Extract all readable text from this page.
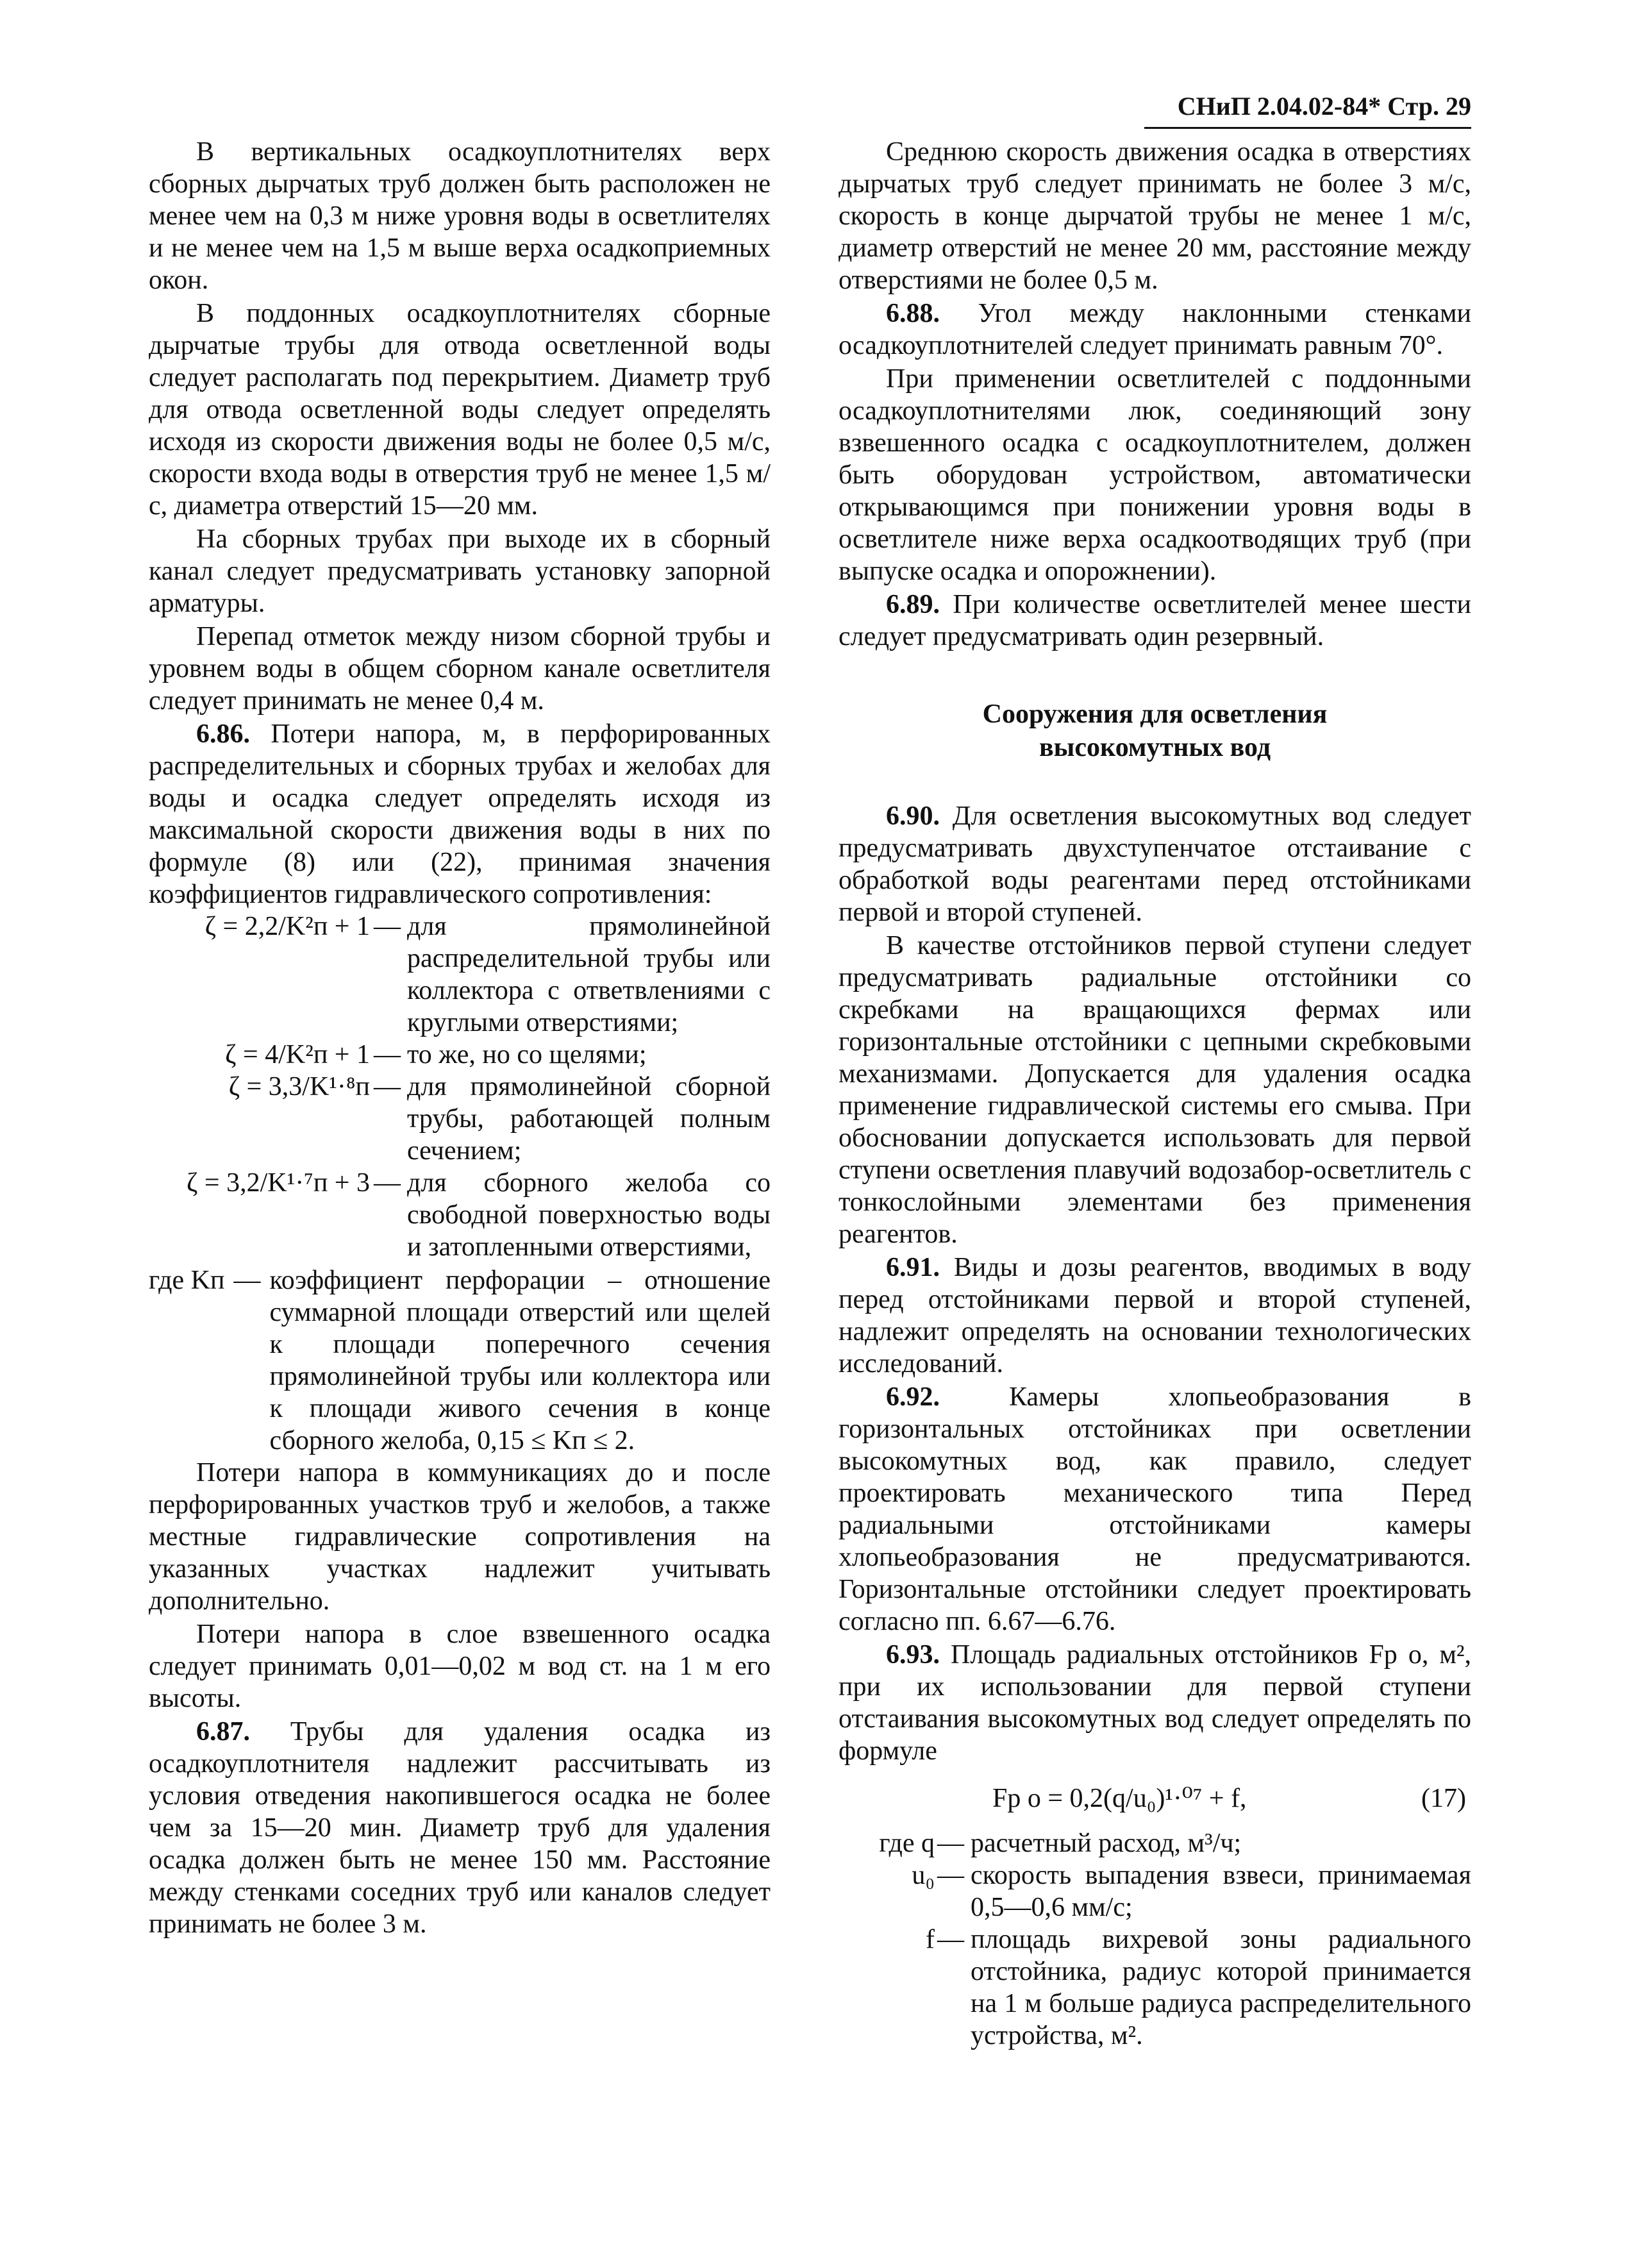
СНиП 2.04.02-84* Стр. 29

В вертикальных осадкоуплотнителях верх сборных дырчатых труб должен быть расположен не менее чем на 0,3 м ниже уровня воды в осветлителях и не менее чем на 1,5 м выше верха осадкоприемных окон.

В поддонных осадкоуплотнителях сборные дырчатые трубы для отвода осветленной воды следует располагать под перекрытием. Диаметр труб для отвода осветленной воды следует определять исходя из скорости движения воды не более 0,5 м/с, скорости входа воды в отверстия труб не менее 1,5 м/с, диаметра отверстий 15—20 мм.

На сборных трубах при выходе их в сборный канал следует предусматривать установку запорной арматуры.

Перепад отметок между низом сборной трубы и уровнем воды в общем сборном канале осветлителя следует принимать не менее 0,4 м.

6.86. Потери напора, м, в перфорированных распределительных и сборных трубах и желобах для воды и осадка следует определять исходя из максимальной скорости движения воды в них по формуле (8) или (22), принимая значения коэффициентов гидравлического сопротивления:

ζ = 2,2/K²п + 1 — для прямолинейной распределительной трубы или коллектора с ответвлениями с круглыми отверстиями;
ζ = 4/K²п + 1 — то же, но со щелями;
ζ = 3,3/K¹·⁸п — для прямолинейной сборной трубы, работающей полным сечением;
ζ = 3,2/K¹·⁷п + 3 — для сборного желоба со свободной поверхностью воды и затопленными отверстиями,
где Kп — коэффициент перфорации – отношение суммарной площади отверстий или щелей к площади поперечного сечения прямолинейной трубы или коллектора или к площади живого сечения в конце сборного желоба, 0,15 ≤ Kп ≤ 2.

Потери напора в коммуникациях до и после перфорированных участков труб и желобов, а также местные гидравлические сопротивления на указанных участках надлежит учитывать дополнительно.

Потери напора в слое взвешенного осадка следует принимать 0,01—0,02 м вод ст. на 1 м его высоты.

6.87. Трубы для удаления осадка из осадкоуплотнителя надлежит рассчитывать из условия отведения накопившегося осадка не более чем за 15—20 мин. Диаметр труб для удаления осадка должен быть не менее 150 мм. Расстояние между стенками соседних труб или каналов следует принимать не более 3 м.

Среднюю скорость движения осадка в отверстиях дырчатых труб следует принимать не более 3 м/с, скорость в конце дырчатой трубы не менее 1 м/с, диаметр отверстий не менее 20 мм, расстояние между отверстиями не более 0,5 м.

6.88. Угол между наклонными стенками осадкоуплотнителей следует принимать равным 70°.

При применении осветлителей с поддонными осадкоуплотнителями люк, соединяющий зону взвешенного осадка с осадкоуплотнителем, должен быть оборудован устройством, автоматически открывающимся при понижении уровня воды в осветлителе ниже верха осадкоотводящих труб (при выпуске осадка и опорожнении).

6.89. При количестве осветлителей менее шести следует предусматривать один резервный.

Сооружения для осветления
высокомутных вод

6.90. Для осветления высокомутных вод следует предусматривать двухступенчатое отстаивание с обработкой воды реагентами перед отстойниками первой и второй ступеней.

В качестве отстойников первой ступени следует предусматривать радиальные отстойники со скребками на вращающихся фермах или горизонтальные отстойники с цепными скребковыми механизмами. Допускается для удаления осадка применение гидравлической системы его смыва. При обосновании допускается использовать для первой ступени осветления плавучий водозабор-осветлитель с тонкослойными элементами без применения реагентов.

6.91. Виды и дозы реагентов, вводимых в воду перед отстойниками первой и второй ступеней, надлежит определять на основании технологических исследований.

6.92.	Камеры хлопьеобразования в горизонтальных отстойниках при осветлении высокомутных вод, как правило, следует проектировать механического типа Перед радиальными отстойниками камеры хлопьеобразования не предусматриваются. Горизонтальные отстойники следует проектировать согласно пп. 6.67—6.76.

6.93. Площадь радиальных отстойников Fр о, м², при их использовании для первой ступени отстаивания высокомутных вод следует определять по формуле

Fр о = 0,2(q/u₀)¹·⁰⁷ + f,	(17)
где q — расчетный расход, м³/ч;
u₀ — скорость выпадения взвеси, принимаемая 0,5—0,6 мм/с;
f — площадь вихревой зоны радиального отстойника, радиус которой принимается на 1 м больше радиуса распределительного устройства, м².
